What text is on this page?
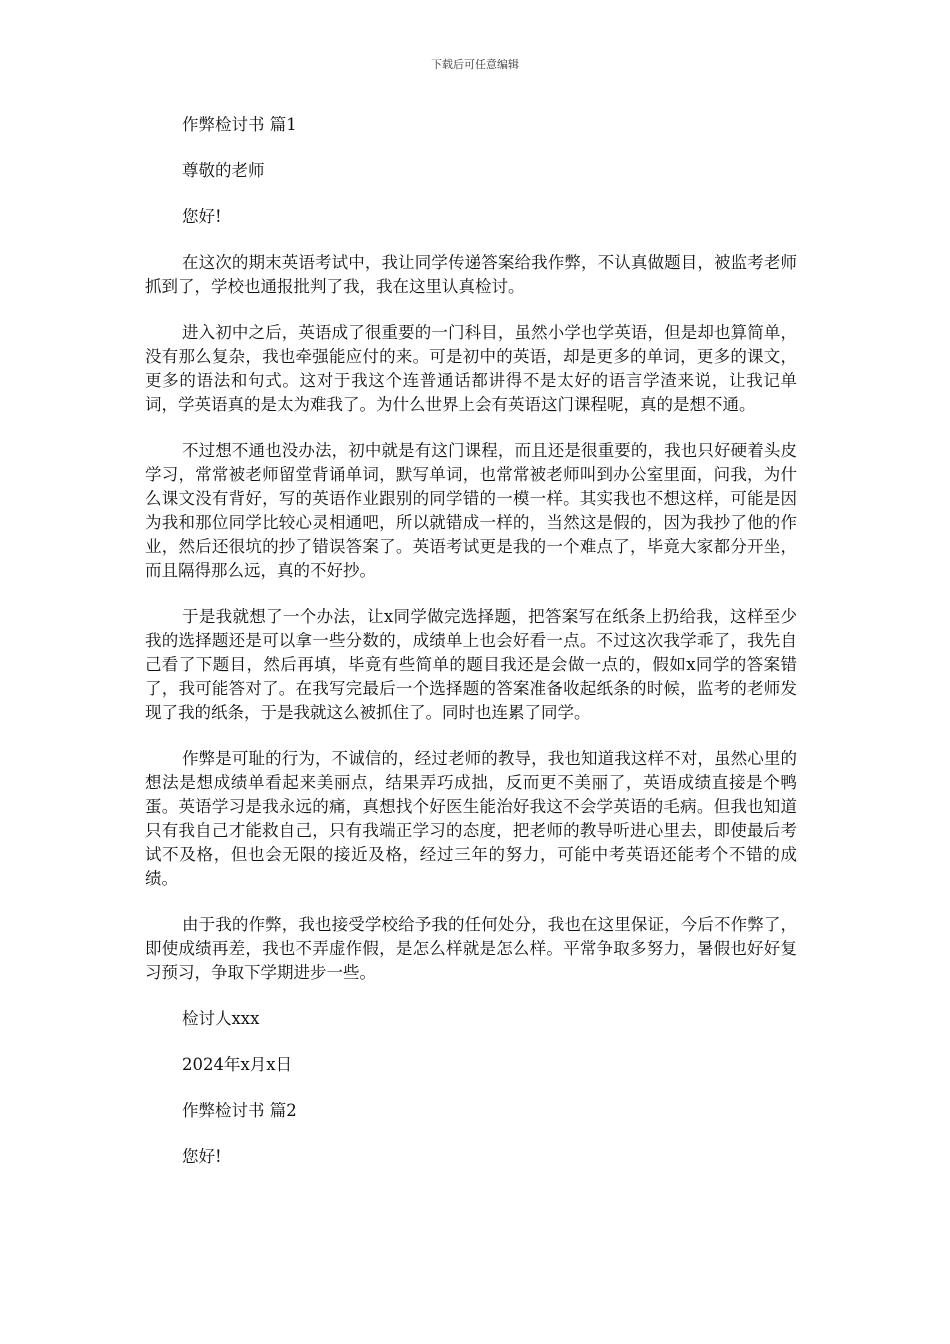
下载后可任意编辑

作弊检讨书 篇1

尊敬的老师

您好!

在这次的期末英语考试中，我让同学传递答案给我作弊，不认真做题目，被监考老师抓到了，学校也通报批判了我，我在这里认真检讨。

进入初中之后，英语成了很重要的一门科目，虽然小学也学英语，但是却也算简单，没有那么复杂，我也牵强能应付的来。可是初中的英语，却是更多的单词，更多的课文，更多的语法和句式。这对于我这个连普通话都讲得不是太好的语言学渣来说，让我记单词，学英语真的是太为难我了。为什么世界上会有英语这门课程呢，真的是想不通。

不过想不通也没办法，初中就是有这门课程，而且还是很重要的，我也只好硬着头皮学习，常常被老师留堂背诵单词，默写单词，也常常被老师叫到办公室里面，问我，为什么课文没有背好，写的英语作业跟别的同学错的一模一样。其实我也不想这样，可能是因为我和那位同学比较心灵相通吧，所以就错成一样的，当然这是假的，因为我抄了他的作业，然后还很坑的抄了错误答案了。英语考试更是我的一个难点了，毕竟大家都分开坐，而且隔得那么远，真的不好抄。

于是我就想了一个办法，让x同学做完选择题，把答案写在纸条上扔给我，这样至少我的选择题还是可以拿一些分数的，成绩单上也会好看一点。不过这次我学乖了，我先自己看了下题目，然后再填，毕竟有些简单的题目我还是会做一点的，假如x同学的答案错了，我可能答对了。在我写完最后一个选择题的答案准备收起纸条的时候，监考的老师发现了我的纸条，于是我就这么被抓住了。同时也连累了同学。

作弊是可耻的行为，不诚信的，经过老师的教导，我也知道我这样不对，虽然心里的想法是想成绩单看起来美丽点，结果弄巧成拙，反而更不美丽了，英语成绩直接是个鸭蛋。英语学习是我永远的痛，真想找个好医生能治好我这不会学英语的毛病。但我也知道只有我自己才能救自己，只有我端正学习的态度，把老师的教导听进心里去，即使最后考试不及格，但也会无限的接近及格，经过三年的努力，可能中考英语还能考个不错的成绩。

由于我的作弊，我也接受学校给予我的任何处分，我也在这里保证，今后不作弊了，即使成绩再差，我也不弄虚作假，是怎么样就是怎么样。平常争取多努力，暑假也好好复习预习，争取下学期进步一些。

检讨人xxx

2024年x月x日

作弊检讨书 篇2

您好!
